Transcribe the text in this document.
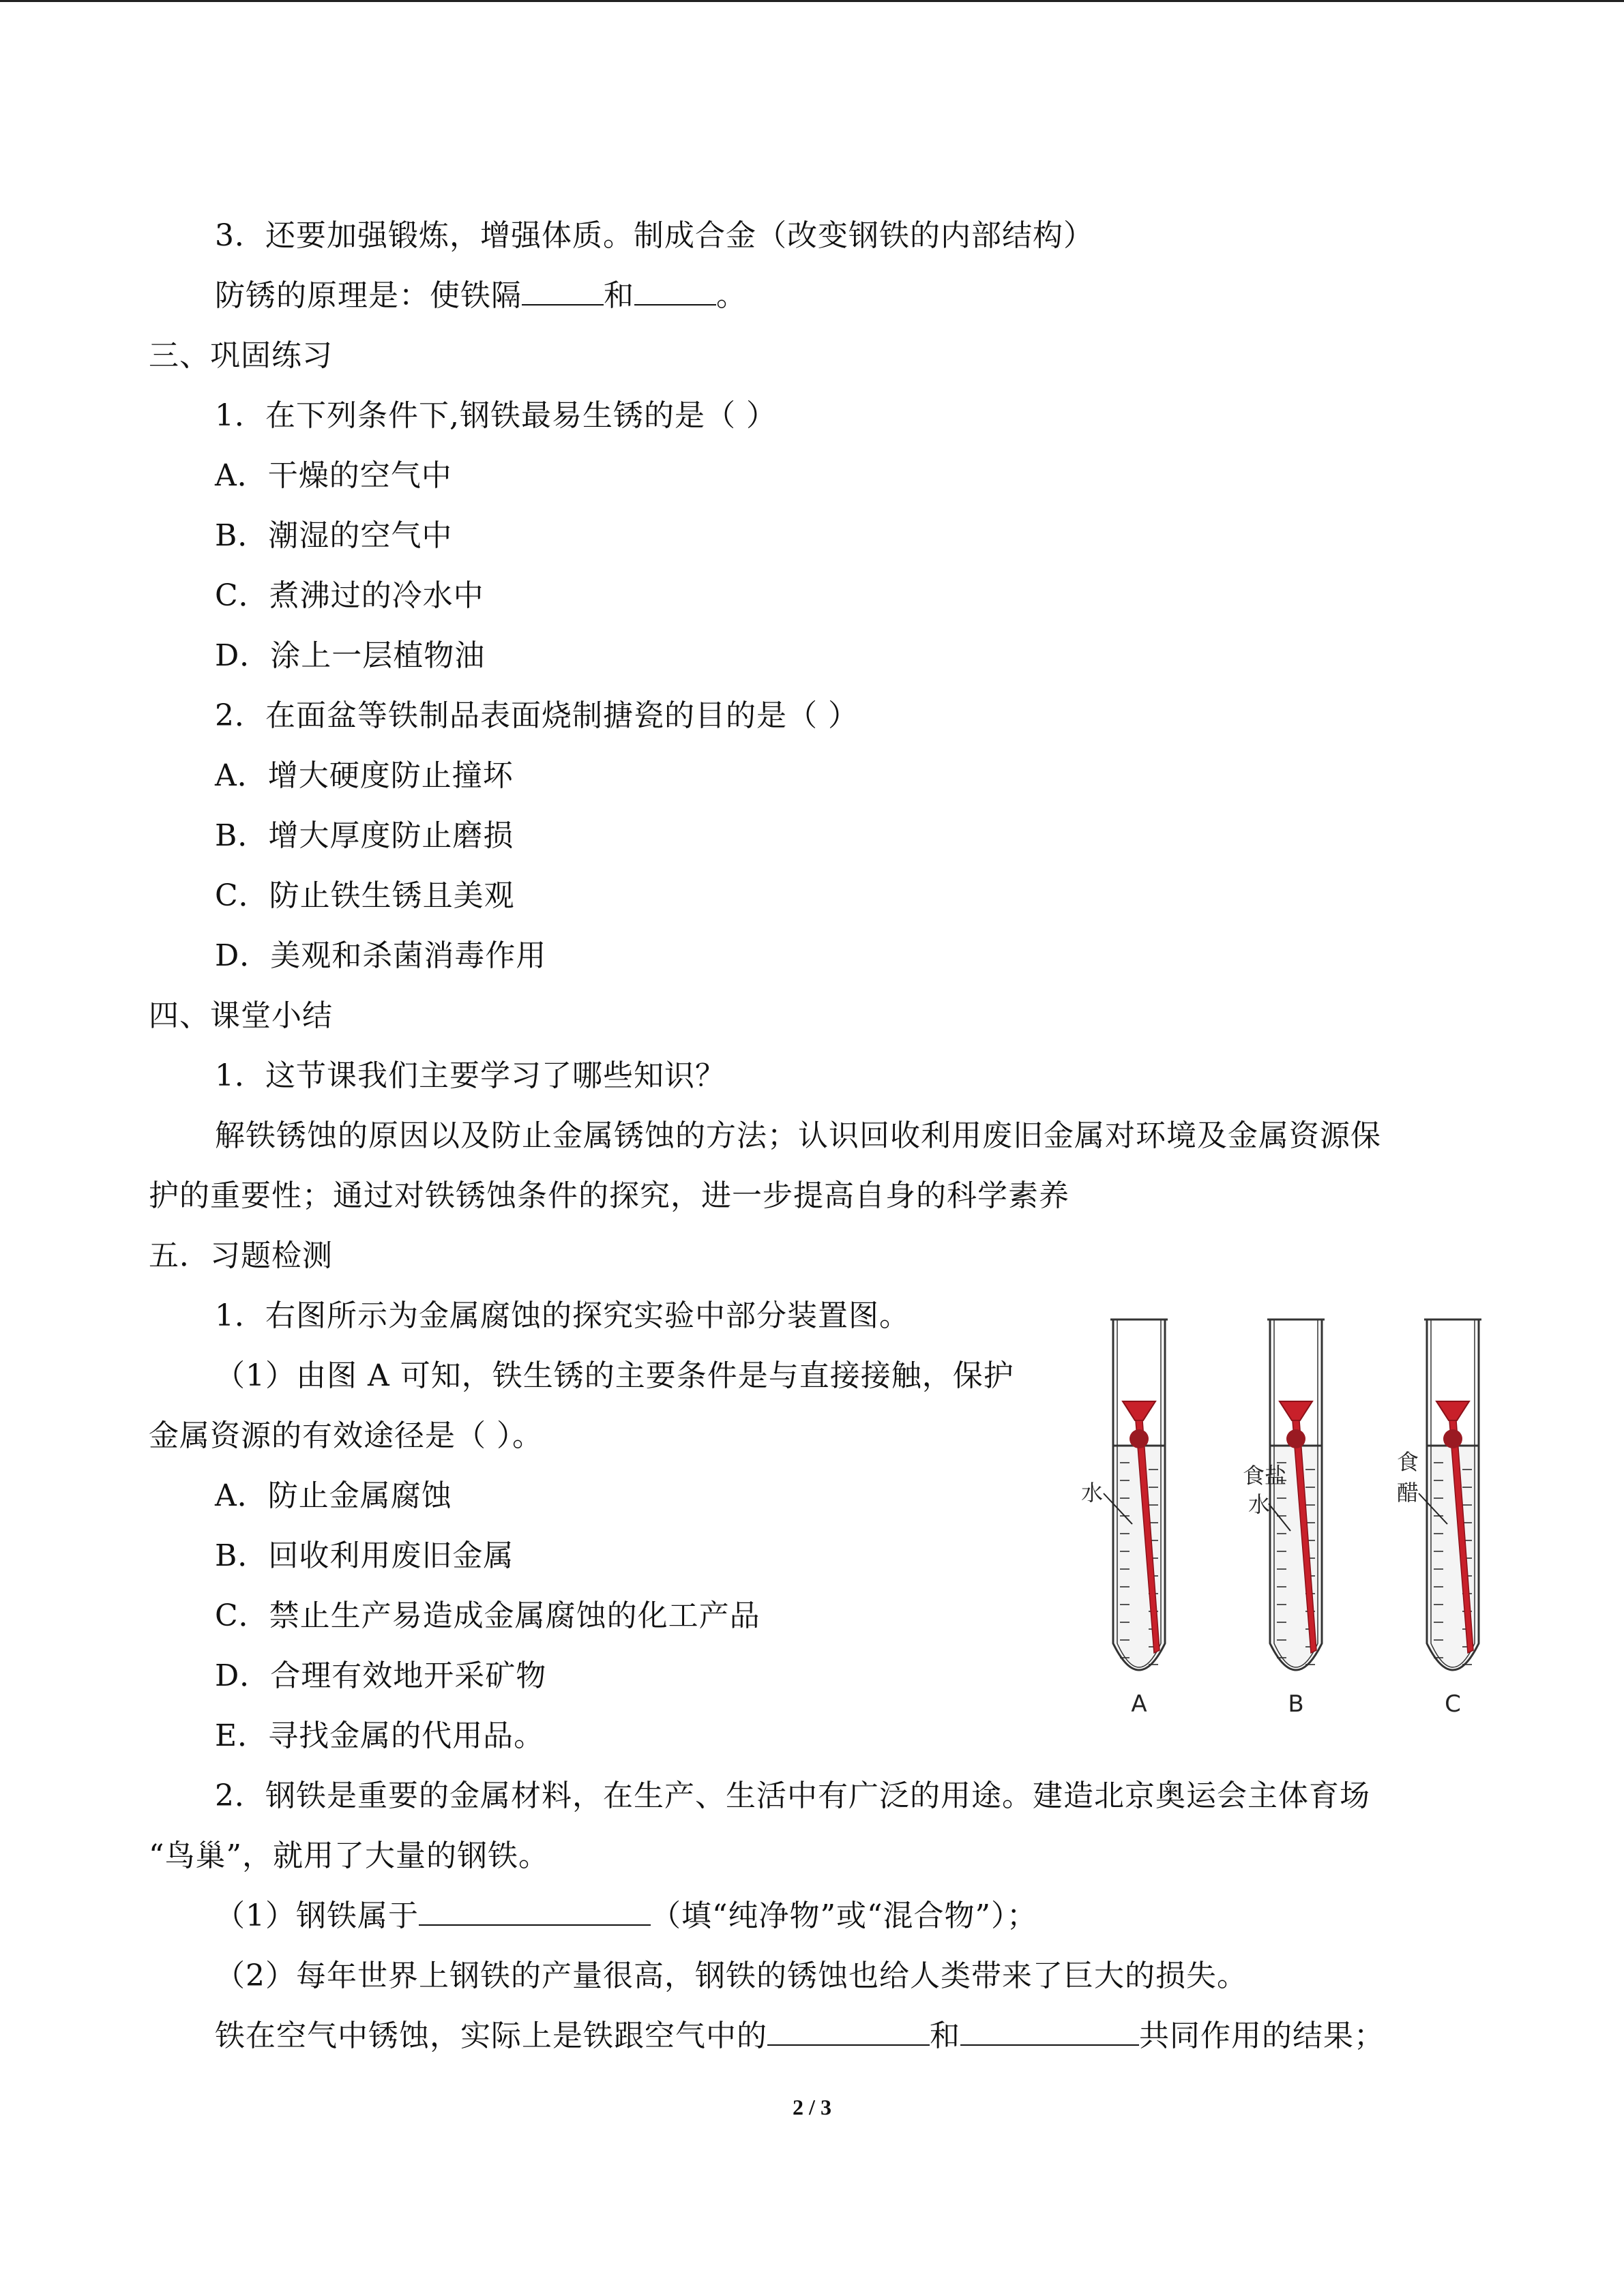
3．还要加强锻炼，增强体质。制成合金（改变钢铁的内部结构）
防锈的原理是：使铁隔	和	。
三、巩固练习
1．在下列条件下,钢铁最易生锈的是（ ）
A．干燥的空气中
B．潮湿的空气中
C．煮沸过的冷水中
D．涂上一层植物油
2．在面盆等铁制品表面烧制搪瓷的目的是（ ）
A．增大硬度防止撞坏
B．增大厚度防止磨损
C．防止铁生锈且美观
D．美观和杀菌消毒作用
四、课堂小结
1．这节课我们主要学习了哪些知识？
解铁锈蚀的原因以及防止金属锈蚀的方法；认识回收利用废旧金属对环境及金属资源保
护的重要性；通过对铁锈蚀条件的探究，进一步提高自身的科学素养
五．习题检测
1．右图所示为金属腐蚀的探究实验中部分装置图。
（1）由图 A 可知，铁生锈的主要条件是与直接接触，保护
金属资源的有效途径是（ ）。
A．防止金属腐蚀
B．回收利用废旧金属
C．禁止生产易造成金属腐蚀的化工产品
D．合理有效地开采矿物
E．寻找金属的代用品。
2．钢铁是重要的金属材料，在生产、生活中有广泛的用途。建造北京奥运会主体育场
“鸟巢”，就用了大量的钢铁。
（1）钢铁属于	（填“纯净物”或“混合物”）；
（2）每年世界上钢铁的产量很高，钢铁的锈蚀也给人类带来了巨大的损失。
铁在空气中锈蚀，实际上是铁跟空气中的	和	共同作用的结果；
水
A
食盐
水
B
食
醋
C
2 / 3
